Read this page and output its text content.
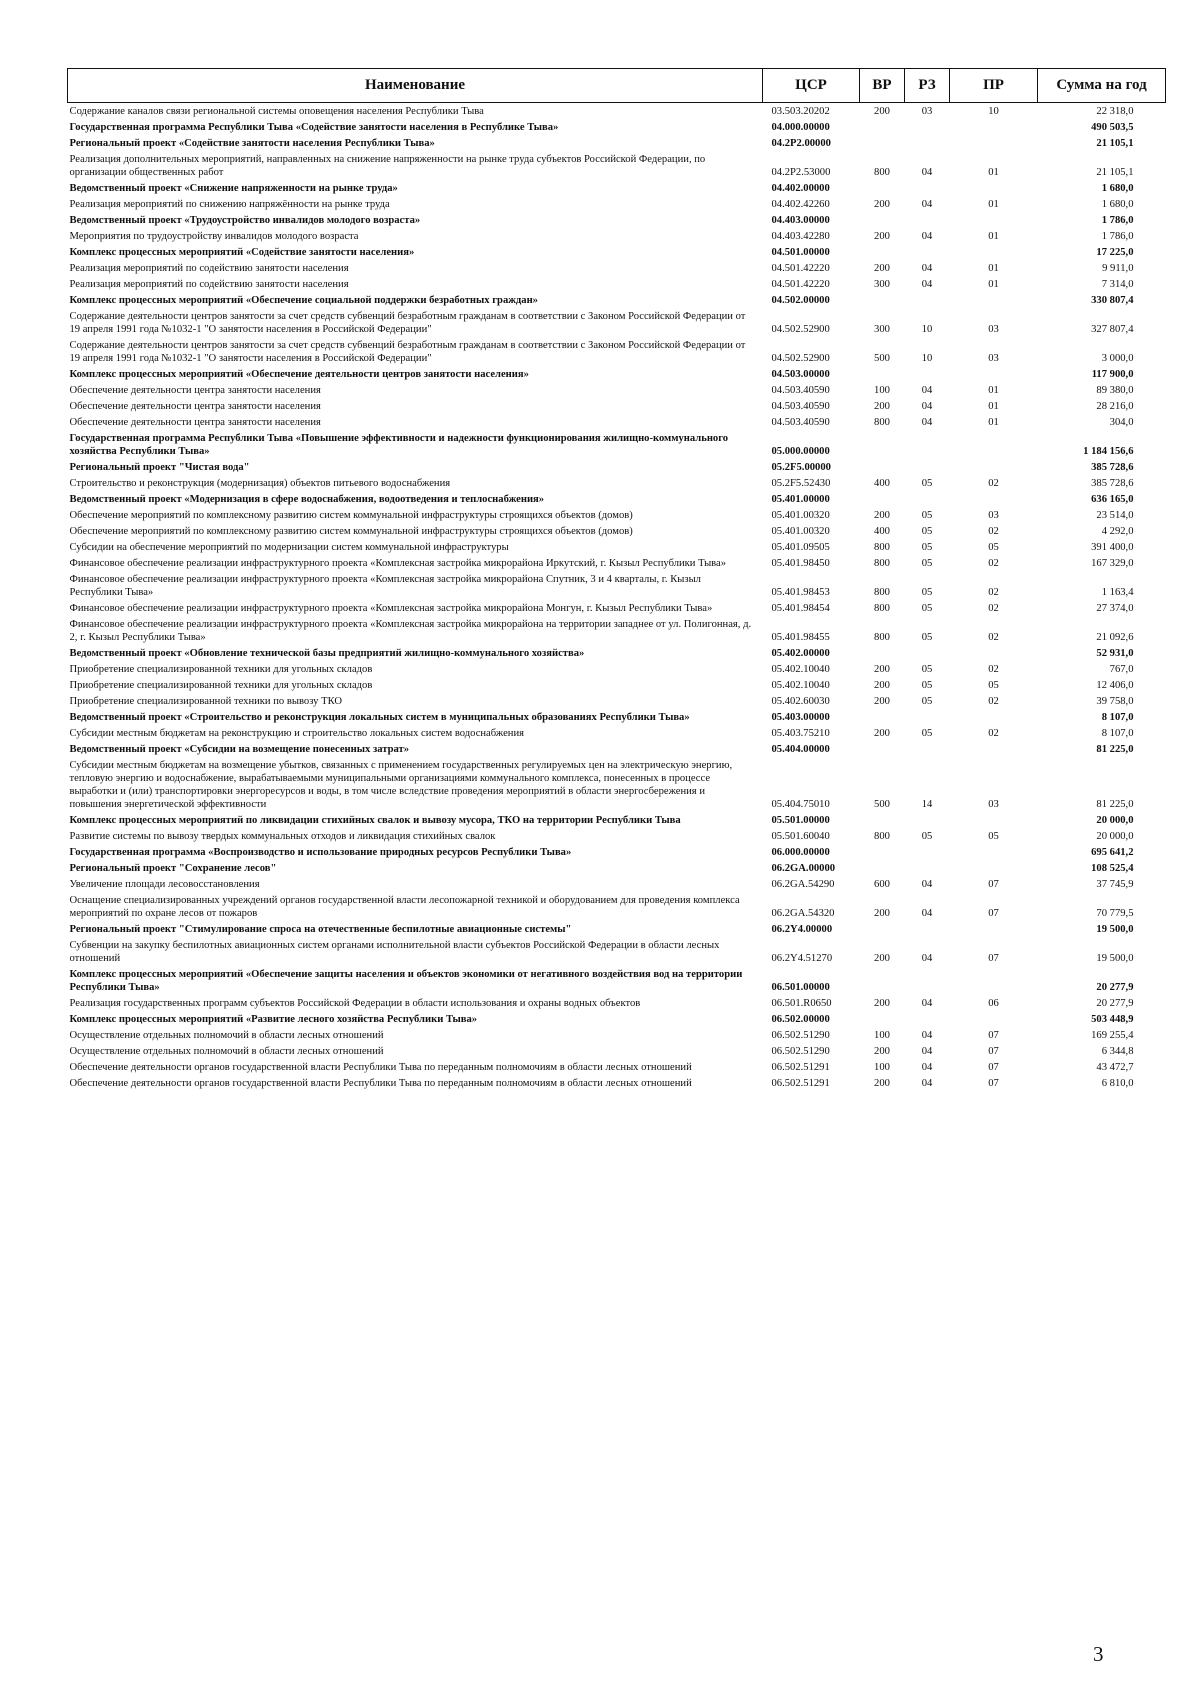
Наименование	ЦСР	ВР	РЗ	ПР	Сумма на год
Содержание каналов связи региональной системы оповещения населения Республики Тыва	03.503.20202	200	03	10	22 318,0
Государственная программа Республики Тыва «Содействие занятости населения в Республике Тыва»	04.000.00000				490 503,5
Региональный проект «Содействие занятости населения Республики Тыва»	04.2P2.00000				21 105,1
Реализация дополнительных мероприятий, направленных на снижение напряженности на рынке труда субъектов Российской Федерации, по организации общественных работ	04.2P2.53000	800	04	01	21 105,1
Ведомственный проект «Снижение напряженности на рынке труда»	04.402.00000				1 680,0
Реализация мероприятий по снижению напряжённости на рынке труда	04.402.42260	200	04	01	1 680,0
Ведомственный проект «Трудоустройство инвалидов молодого возраста»	04.403.00000				1 786,0
Мероприятия по трудоустройству инвалидов молодого возраста	04.403.42280	200	04	01	1 786,0
Комплекс процессных мероприятий «Содействие занятости населения»	04.501.00000				17 225,0
Реализация мероприятий по содействию занятости населения	04.501.42220	200	04	01	9 911,0
Реализация мероприятий по содействию занятости населения	04.501.42220	300	04	01	7 314,0
Комплекс процессных мероприятий «Обеспечение социальной поддержки безработных граждан»	04.502.00000				330 807,4
Содержание деятельности центров занятости за счет средств субвенций безработным гражданам в соответствии с Законом Российской Федерации от 19 апреля 1991 года №1032-1 "О занятости населения в Российской Федерации"	04.502.52900	300	10	03	327 807,4
Содержание деятельности центров занятости за счет средств субвенций безработным гражданам в соответствии с Законом Российской Федерации от 19 апреля 1991 года №1032-1 "О занятости населения в Российской Федерации"	04.502.52900	500	10	03	3 000,0
Комплекс процессных мероприятий «Обеспечение деятельности центров занятости населения»	04.503.00000				117 900,0
Обеспечение деятельности центра занятости населения	04.503.40590	100	04	01	89 380,0
Обеспечение деятельности центра занятости населения	04.503.40590	200	04	01	28 216,0
Обеспечение деятельности центра занятости населения	04.503.40590	800	04	01	304,0
Государственная программа Республики Тыва «Повышение эффективности и надежности функционирования жилищно-коммунального хозяйства Республики Тыва»	05.000.00000				1 184 156,6
Региональный проект "Чистая вода"	05.2F5.00000				385 728,6
Строительство и реконструкция (модернизация) объектов питьевого водоснабжения	05.2F5.52430	400	05	02	385 728,6
Ведомственный проект «Модернизация в сфере водоснабжения, водоотведения и теплоснабжения»	05.401.00000				636 165,0
Обеспечение мероприятий по комплексному развитию систем коммунальной инфраструктуры строящихся объектов (домов)	05.401.00320	200	05	03	23 514,0
Обеспечение мероприятий по комплексному развитию систем коммунальной инфраструктуры строящихся объектов (домов)	05.401.00320	400	05	02	4 292,0
Субсидии на обеспечение мероприятий по модернизации систем коммунальной инфраструктуры	05.401.09505	800	05	05	391 400,0
Финансовое обеспечение реализации инфраструктурного проекта «Комплексная застройка микрорайона Иркутский, г. Кызыл Республики Тыва»	05.401.98450	800	05	02	167 329,0
Финансовое обеспечение реализации инфраструктурного проекта «Комплексная застройка микрорайона Спутник, 3 и 4 кварталы, г. Кызыл Республики Тыва»	05.401.98453	800	05	02	1 163,4
Финансовое обеспечение реализации инфраструктурного проекта «Комплексная застройка микрорайона Монгун, г. Кызыл Республики Тыва»	05.401.98454	800	05	02	27 374,0
Финансовое обеспечение реализации инфраструктурного проекта «Комплексная застройка микрорайона на территории западнее от ул. Полигонная, д. 2, г. Кызыл Республики Тыва»	05.401.98455	800	05	02	21 092,6
Ведомственный проект «Обновление технической базы предприятий жилищно-коммунального хозяйства»	05.402.00000				52 931,0
Приобретение специализированной техники для угольных складов	05.402.10040	200	05	02	767,0
Приобретение специализированной техники для угольных складов	05.402.10040	200	05	05	12 406,0
Приобретение специализированной техники по вывозу ТКО	05.402.60030	200	05	02	39 758,0
Ведомственный проект «Строительство и реконструкция локальных систем в муниципальных образованиях Республики Тыва»	05.403.00000				8 107,0
Субсидии местным бюджетам на реконструкцию и строительство локальных систем водоснабжения	05.403.75210	200	05	02	8 107,0
Ведомственный проект «Субсидии на возмещение понесенных затрат»	05.404.00000				81 225,0
Субсидии местным бюджетам на возмещение убытков, связанных с применением государственных регулируемых цен на электрическую энергию, тепловую энергию и водоснабжение, вырабатываемыми муниципальными организациями коммунального комплекса, понесенных в процессе выработки и (или) транспортировки энергоресурсов и воды, в том числе вследствие проведения мероприятий в области энергосбережения и повышения энергетической эффективности	05.404.75010	500	14	03	81 225,0
Комплекс процессных мероприятий по ликвидации стихийных свалок и вывозу мусора, ТКО на территории Республики Тыва	05.501.00000				20 000,0
Развитие системы по вывозу твердых коммунальных отходов и ликвидация стихийных свалок	05.501.60040	800	05	05	20 000,0
Государственная программа «Воспроизводство и использование природных ресурсов Республики Тыва»	06.000.00000				695 641,2
Региональный проект "Сохранение лесов"	06.2GA.00000				108 525,4
Увеличение площади лесовосстановления	06.2GA.54290	600	04	07	37 745,9
Оснащение специализированных учреждений органов государственной власти лесопожарной техникой и оборудованием для проведения комплекса мероприятий по охране лесов от пожаров	06.2GA.54320	200	04	07	70 779,5
Региональный проект "Стимулирование спроса на отечественные беспилотные авиационные системы"	06.2Y4.00000				19 500,0
Субвенции на закупку беспилотных авиационных систем органами исполнительной власти субъектов Российской Федерации в области лесных отношений	06.2Y4.51270	200	04	07	19 500,0
Комплекс процессных мероприятий «Обеспечение защиты населения и объектов экономики от негативного воздействия вод на территории Республики Тыва»	06.501.00000				20 277,9
Реализация государственных программ субъектов Российской Федерации в области использования и охраны водных объектов	06.501.R0650	200	04	06	20 277,9
Комплекс процессных мероприятий «Развитие лесного хозяйства Республики Тыва»	06.502.00000				503 448,9
Осуществление отдельных полномочий в области лесных отношений	06.502.51290	100	04	07	169 255,4
Осуществление отдельных полномочий в области лесных отношений	06.502.51290	200	04	07	6 344,8
Обеспечение деятельности органов государственной власти Республики Тыва по переданным полномочиям в области лесных отношений	06.502.51291	100	04	07	43 472,7
Обеспечение деятельности органов государственной власти Республики Тыва по переданным полномочиям в области лесных отношений	06.502.51291	200	04	07	6 810,0
3
